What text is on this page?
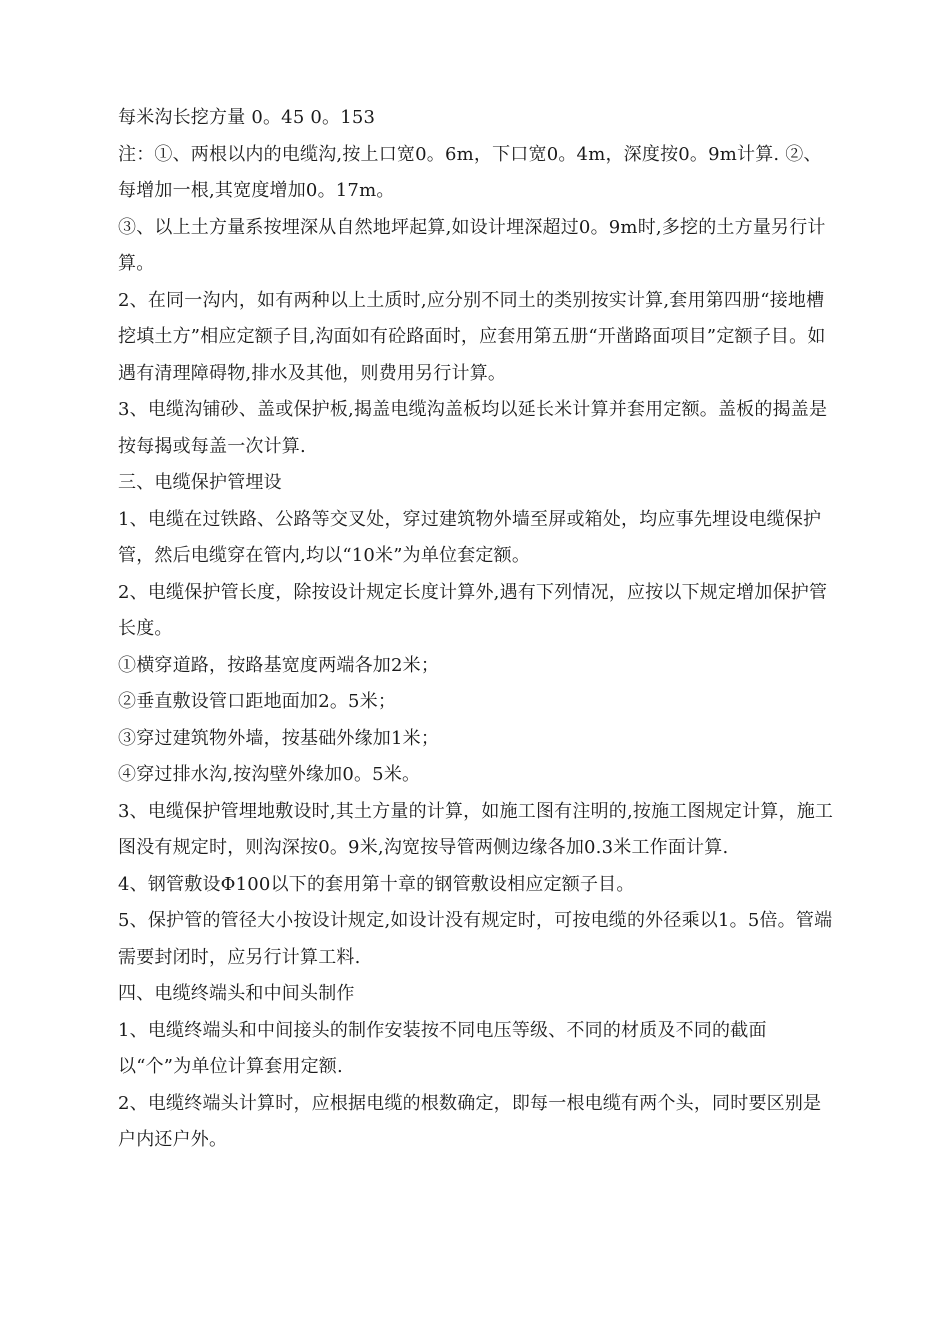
每米沟长挖方量 0。45 0。153

注：①、两根以内的电缆沟,按上口宽0。6m，下口宽0。4m，深度按0。9m计算. ②、每增加一根,其宽度增加0。17m。

③、以上土方量系按埋深从自然地坪起算,如设计埋深超过0。9m时,多挖的土方量另行计算。

2、在同一沟内，如有两种以上土质时,应分别不同土的类别按实计算,套用第四册“接地槽挖填土方”相应定额子目,沟面如有砼路面时，应套用第五册“开凿路面项目”定额子目。如遇有清理障碍物,排水及其他，则费用另行计算。

3、电缆沟铺砂、盖或保护板,揭盖电缆沟盖板均以延长米计算并套用定额。盖板的揭盖是按每揭或每盖一次计算.

三、电缆保护管埋设

1、电缆在过铁路、公路等交叉处，穿过建筑物外墙至屏或箱处，均应事先埋设电缆保护管，然后电缆穿在管内,均以“10米”为单位套定额。

2、电缆保护管长度，除按设计规定长度计算外,遇有下列情况，应按以下规定增加保护管长度。

①横穿道路，按路基宽度两端各加2米；

②垂直敷设管口距地面加2。5米；

③穿过建筑物外墙，按基础外缘加1米；

④穿过排水沟,按沟壁外缘加0。5米。

3、电缆保护管埋地敷设时,其土方量的计算，如施工图有注明的,按施工图规定计算，施工图没有规定时，则沟深按0。9米,沟宽按导管两侧边缘各加0.3米工作面计算.

4、钢管敷设Φ100以下的套用第十章的钢管敷设相应定额子目。

5、保护管的管径大小按设计规定,如设计没有规定时，可按电缆的外径乘以1。5倍。管端需要封闭时，应另行计算工料.

四、电缆终端头和中间头制作

1、电缆终端头和中间接头的制作安装按不同电压等级、不同的材质及不同的截面以“个”为单位计算套用定额.

2、电缆终端头计算时，应根据电缆的根数确定，即每一根电缆有两个头，同时要区别是户内还户外。
